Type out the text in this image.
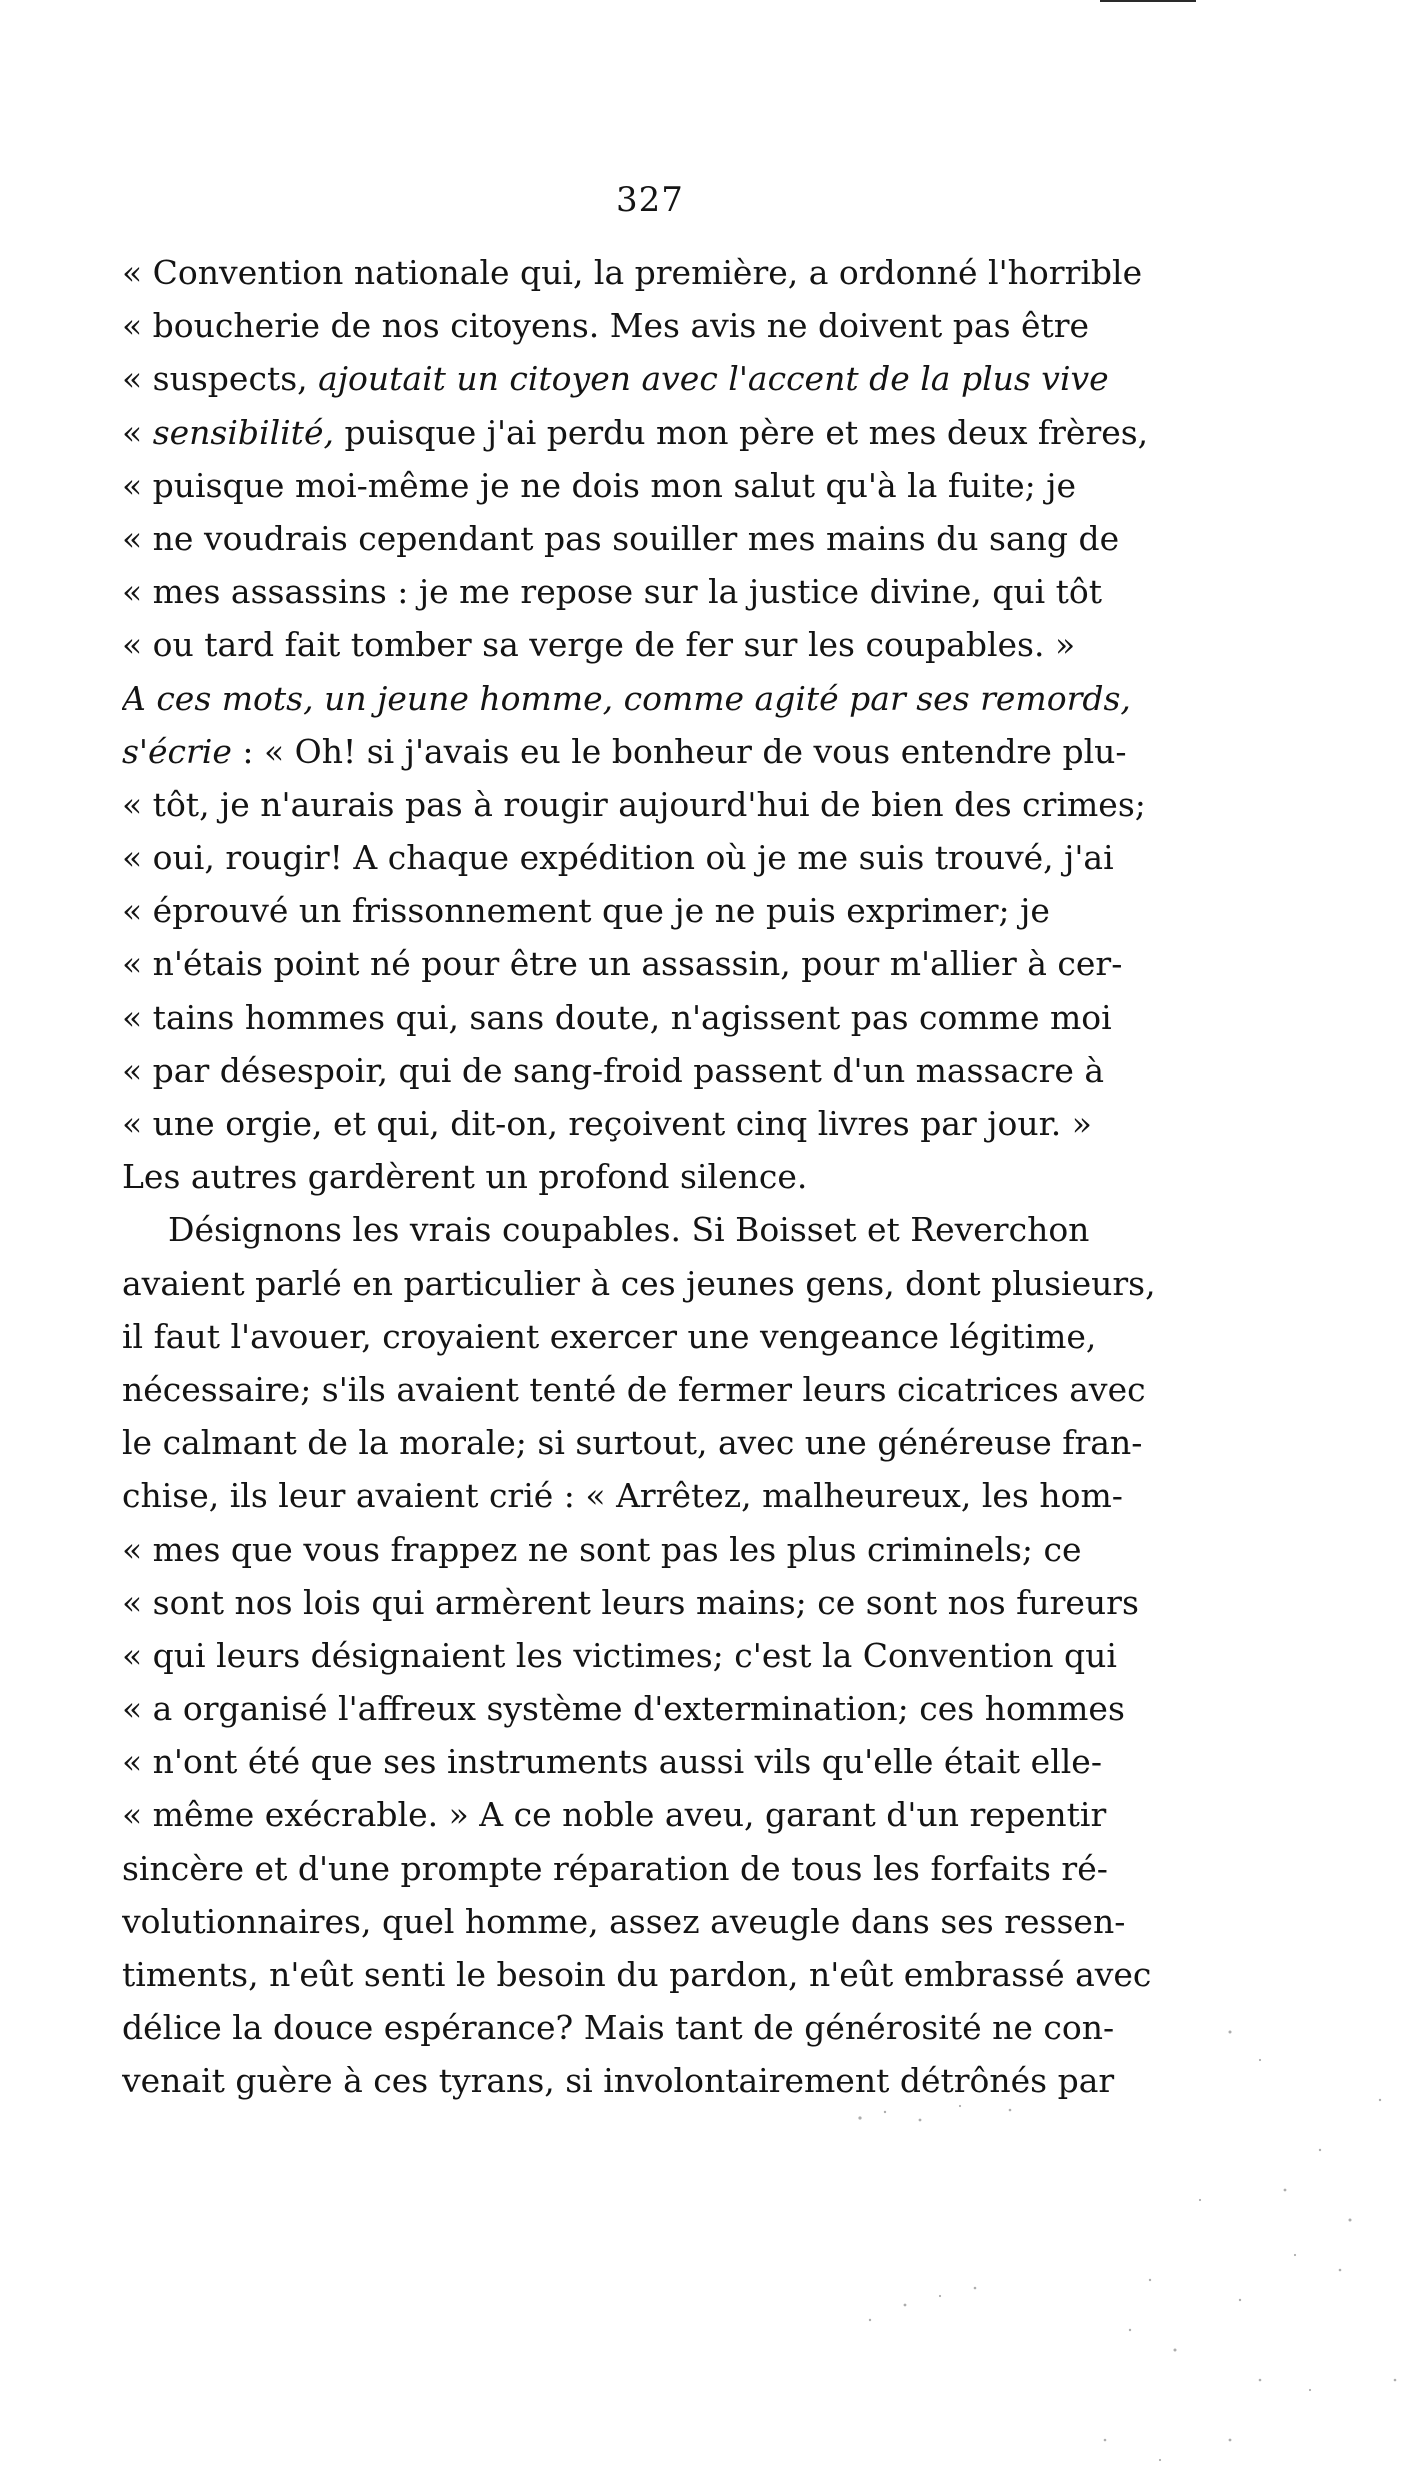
327
« Convention nationale qui, la première, a ordonné l'horrible
« boucherie de nos citoyens. Mes avis ne doivent pas être
« suspects, ajoutait un citoyen avec l'accent de la plus vive
« sensibilité, puisque j'ai perdu mon père et mes deux frères,
« puisque moi-même je ne dois mon salut qu'à la fuite; je
« ne voudrais cependant pas souiller mes mains du sang de
« mes assassins : je me repose sur la justice divine, qui tôt
« ou tard fait tomber sa verge de fer sur les coupables. »
A ces mots, un jeune homme, comme agité par ses remords,
s'écrie : « Oh! si j'avais eu le bonheur de vous entendre plu-
« tôt, je n'aurais pas à rougir aujourd'hui de bien des crimes;
« oui, rougir! A chaque expédition où je me suis trouvé, j'ai
« éprouvé un frissonnement que je ne puis exprimer; je
« n'étais point né pour être un assassin, pour m'allier à cer-
« tains hommes qui, sans doute, n'agissent pas comme moi
« par désespoir, qui de sang-froid passent d'un massacre à
« une orgie, et qui, dit-on, reçoivent cinq livres par jour. »
Les autres gardèrent un profond silence.
Désignons les vrais coupables. Si Boisset et Reverchon
avaient parlé en particulier à ces jeunes gens, dont plusieurs,
il faut l'avouer, croyaient exercer une vengeance légitime,
nécessaire; s'ils avaient tenté de fermer leurs cicatrices avec
le calmant de la morale; si surtout, avec une généreuse fran-
chise, ils leur avaient crié : « Arrêtez, malheureux, les hom-
« mes que vous frappez ne sont pas les plus criminels; ce
« sont nos lois qui armèrent leurs mains; ce sont nos fureurs
« qui leurs désignaient les victimes; c'est la Convention qui
« a organisé l'affreux système d'extermination; ces hommes
« n'ont été que ses instruments aussi vils qu'elle était elle-
« même exécrable. » A ce noble aveu, garant d'un repentir
sincère et d'une prompte réparation de tous les forfaits ré-
volutionnaires, quel homme, assez aveugle dans ses ressen-
timents, n'eût senti le besoin du pardon, n'eût embrassé avec
délice la douce espérance? Mais tant de générosité ne con-
venait guère à ces tyrans, si involontairement détrônés par
